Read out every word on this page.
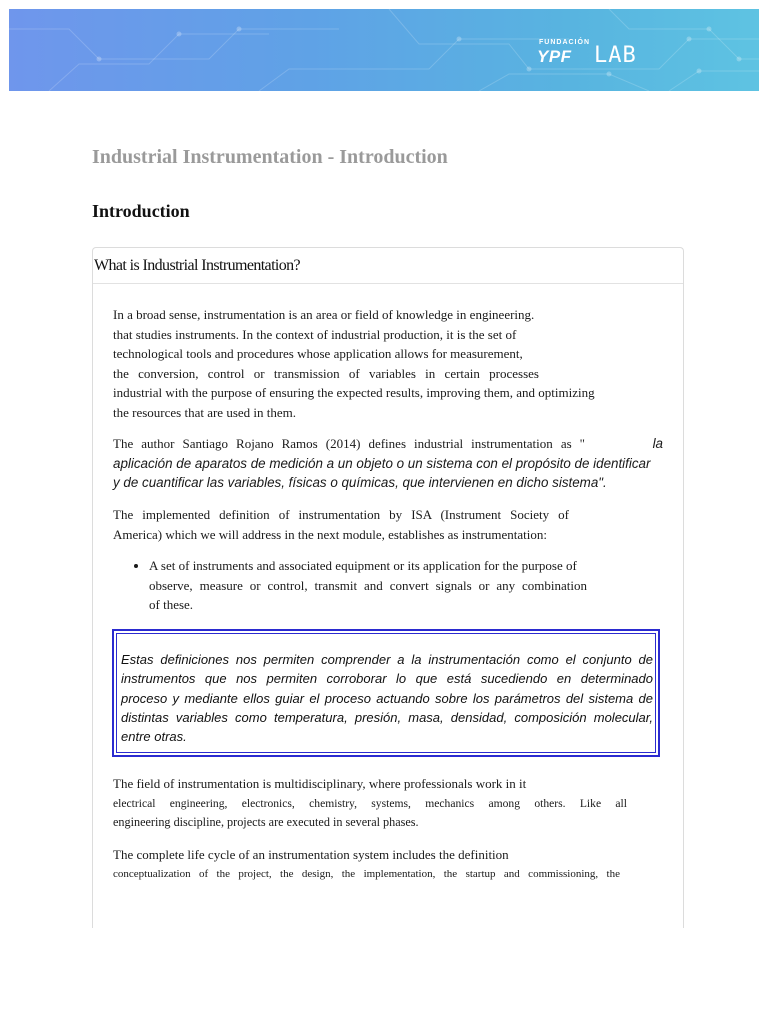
FUNDACIÓN
YPF LAB
Industrial Instrumentation - Introduction
Introduction
What is Industrial Instrumentation?
In a broad sense, instrumentation is an area or field of knowledge in engineering.
that studies instruments. In the context of industrial production, it is the set of
technological tools and procedures whose application allows for measurement,
the conversion, control or transmission of variables in certain processes
industrial with the purpose of ensuring the expected results, improving them, and optimizing
the resources that are used in them.
The author Santiago Rojano Ramos (2014) defines industrial instrumentation as "	la
aplicación de aparatos de medición a un objeto o un sistema con el propósito de identificar
y de cuantificar las variables, físicas o químicas, que intervienen en dicho sistema".
The implemented definition of instrumentation by ISA (Instrument Society of
America) which we will address in the next module, establishes as instrumentation:
• A set of instruments and associated equipment or its application for the purpose of
observe, measure or control, transmit and convert signals or any combination
of these.
Estas definiciones nos permiten comprender a la instrumentación como el conjunto de
instrumentos que nos permiten corroborar lo que está sucediendo en determinado
proceso y mediante ellos guiar el proceso actuando sobre los parámetros del sistema de
distintas variables como temperatura, presión, masa, densidad, composición molecular,
entre otras.
The field of instrumentation is multidisciplinary, where professionals work in it
electrical engineering, electronics, chemistry, systems, mechanics among others. Like all
engineering discipline, projects are executed in several phases.
The complete life cycle of an instrumentation system includes the definition
conceptualization of the project, the design, the implementation, the startup and commissioning, the
